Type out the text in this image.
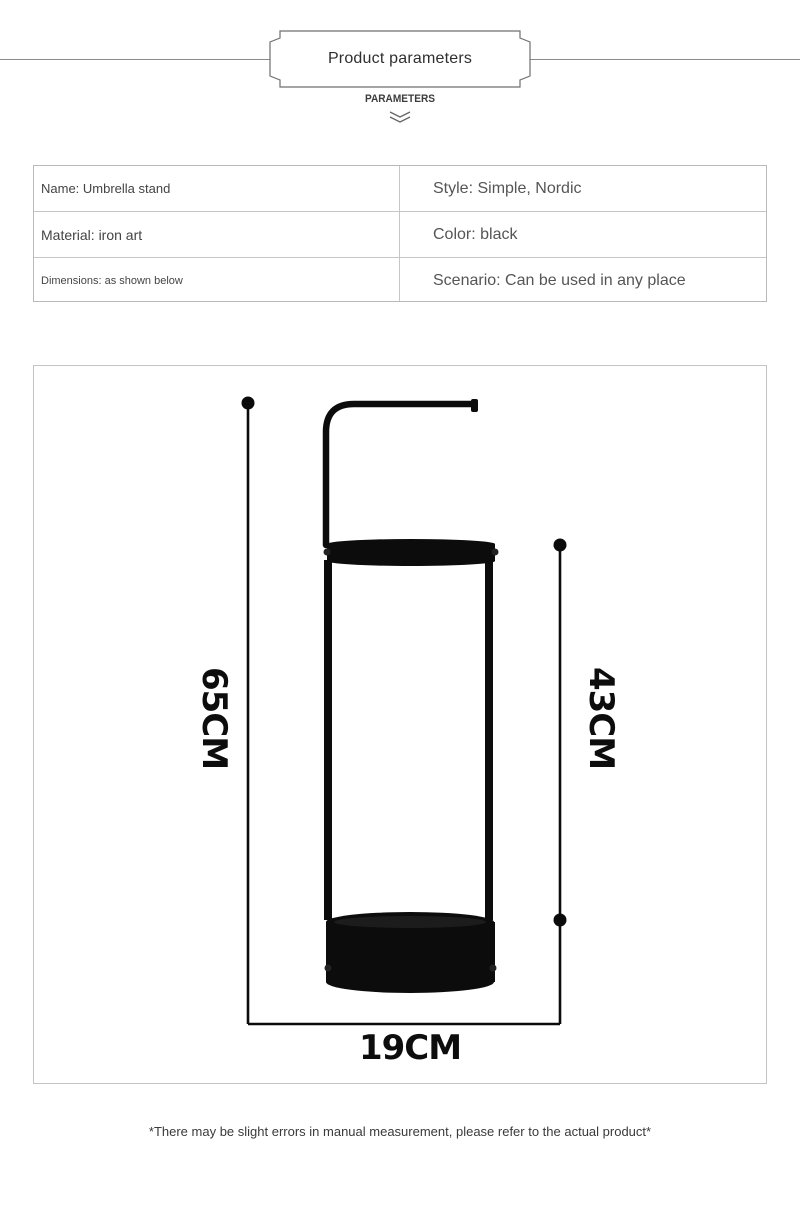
Product parameters
PARAMETERS
Name: Umbrella stand	Style: Simple, Nordic
Material: iron art	Color: black
Dimensions: as shown below	Scenario: Can be used in any place
65CM	43CM
19CM
*There may be slight errors in manual measurement, please refer to the actual product*
